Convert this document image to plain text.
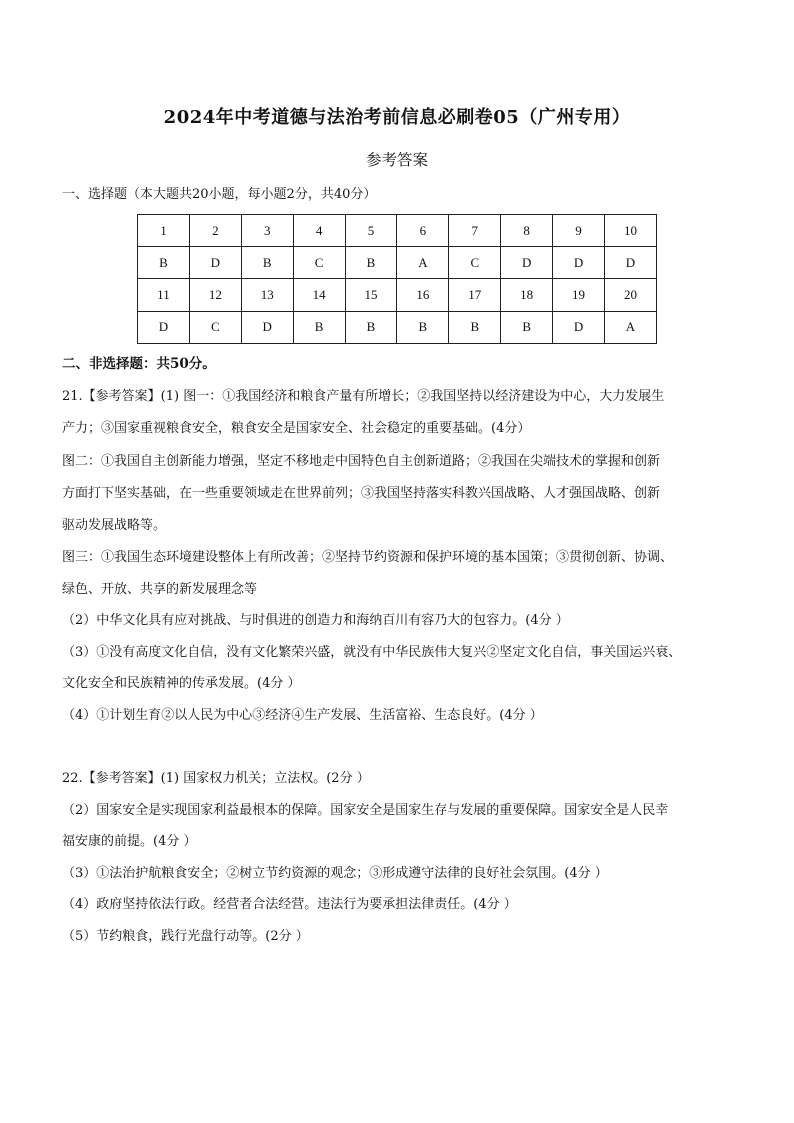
2024年中考道德与法治考前信息必刷卷05（广州专用）
参考答案
一、选择题（本大题共20小题，每小题2分，共40分）
1	2	3	4	5	6	7	8	9	10
B	D	B	C	B	A	C	D	D	D
11	12	13	14	15	16	17	18	19	20
D	C	D	B	B	B	B	B	D	A
二、非选择题：共50分。
21.【参考答案】(1) 图一：①我国经济和粮食产量有所增长；②我国坚持以经济建设为中心，大力发展生
产力；③国家重视粮食安全，粮食安全是国家安全、社会稳定的重要基础。(4分）
图二：①我国自主创新能力增强，坚定不移地走中国特色自主创新道路；②我国在尖端技术的掌握和创新
方面打下坚实基础，在一些重要领域走在世界前列；③我国坚持落实科教兴国战略、人才强国战略、创新
驱动发展战略等。
图三：①我国生态环境建设整体上有所改善；②坚持节约资源和保护环境的基本国策；③贯彻创新、协调、
绿色、开放、共享的新发展理念等
（2）中华文化具有应对挑战、与时俱进的创造力和海纳百川有容乃大的包容力。(4分 ）
（3）①没有高度文化自信，没有文化繁荣兴盛，就没有中华民族伟大复兴②坚定文化自信，事关国运兴衰、
文化安全和民族精神的传承发展。(4分 ）
（4）①计划生育②以人民为中心③经济④生产发展、生活富裕、生态良好。(4分 ）
22.【参考答案】(1) 国家权力机关；立法权。(2分 ）
（2）国家安全是实现国家利益最根本的保障。国家安全是国家生存与发展的重要保障。国家安全是人民幸
福安康的前提。(4分 ）
（3）①法治护航粮食安全；②树立节约资源的观念；③形成遵守法律的良好社会氛围。(4分 ）
（4）政府坚持依法行政。经营者合法经营。违法行为要承担法律责任。(4分 ）
（5）节约粮食，践行光盘行动等。(2分 ）
